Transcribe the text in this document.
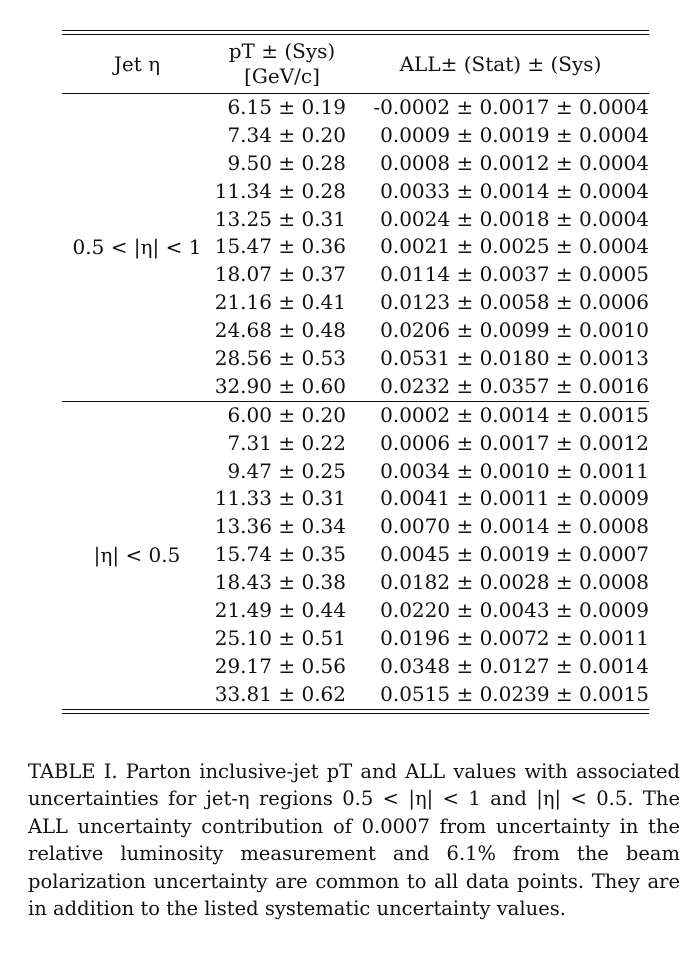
Jet η
pT ± (Sys)
[GeV/c]	ALL± (Stat) ± (Sys)
0.5 < |η| < 1
6.15 ± 0.19	-0.0002 ± 0.0017 ± 0.0004
7.34 ± 0.20	0.0009 ± 0.0019 ± 0.0004
9.50 ± 0.28	0.0008 ± 0.0012 ± 0.0004
11.34 ± 0.28	0.0033 ± 0.0014 ± 0.0004
13.25 ± 0.31	0.0024 ± 0.0018 ± 0.0004
15.47 ± 0.36	0.0021 ± 0.0025 ± 0.0004
18.07 ± 0.37	0.0114 ± 0.0037 ± 0.0005
21.16 ± 0.41	0.0123 ± 0.0058 ± 0.0006
24.68 ± 0.48	0.0206 ± 0.0099 ± 0.0010
28.56 ± 0.53	0.0531 ± 0.0180 ± 0.0013
32.90 ± 0.60	0.0232 ± 0.0357 ± 0.0016
|η| < 0.5
6.00 ± 0.20	0.0002 ± 0.0014 ± 0.0015
7.31 ± 0.22	0.0006 ± 0.0017 ± 0.0012
9.47 ± 0.25	0.0034 ± 0.0010 ± 0.0011
11.33 ± 0.31	0.0041 ± 0.0011 ± 0.0009
13.36 ± 0.34	0.0070 ± 0.0014 ± 0.0008
15.74 ± 0.35	0.0045 ± 0.0019 ± 0.0007
18.43 ± 0.38	0.0182 ± 0.0028 ± 0.0008
21.49 ± 0.44	0.0220 ± 0.0043 ± 0.0009
25.10 ± 0.51	0.0196 ± 0.0072 ± 0.0011
29.17 ± 0.56	0.0348 ± 0.0127 ± 0.0014
33.81 ± 0.62	0.0515 ± 0.0239 ± 0.0015

TABLE I. Parton inclusive-jet pT and ALL values with associated uncertainties for jet-η regions 0.5 < |η| < 1 and |η| < 0.5. The ALL uncertainty contribution of 0.0007 from uncertainty in the relative luminosity measurement and 6.1% from the beam polarization uncertainty are common to all data points. They are in addition to the listed systematic uncertainty values.
